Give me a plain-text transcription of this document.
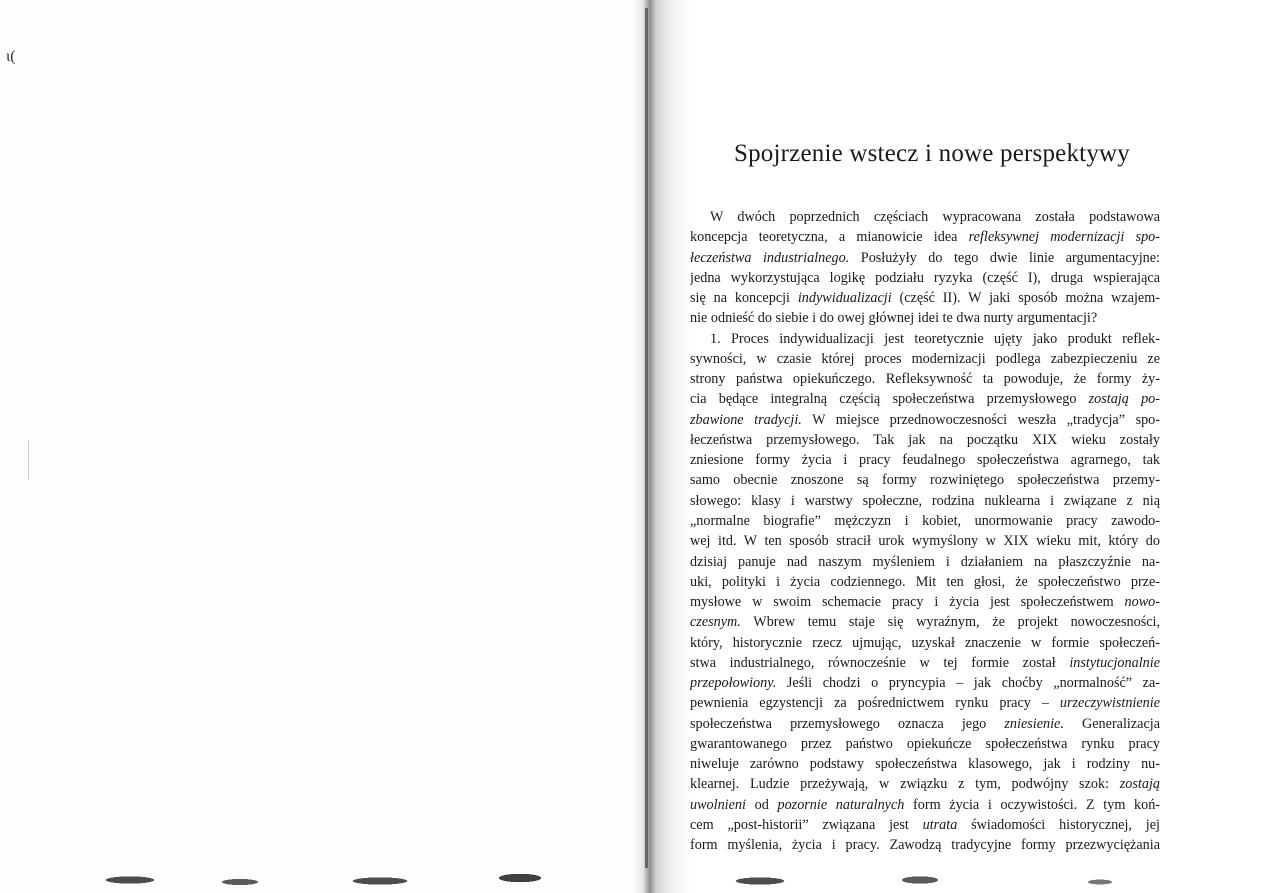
ι(
Spojrzenie wstecz i nowe perspektywy
W dwóch poprzednich częściach wypracowana została podstawowa
koncepcja teoretyczna, a mianowicie idea refleksywnej modernizacji spo-
łeczeństwa industrialnego. Posłużyły do tego dwie linie argumentacyjne:
jedna wykorzystująca logikę podziału ryzyka (część I), druga wspierająca
się na koncepcji indywidualizacji (część II). W jaki sposób można wzajem-
nie odnieść do siebie i do owej głównej idei te dwa nurty argumentacji?
1. Proces indywidualizacji jest teoretycznie ujęty jako produkt reflek-
sywności, w czasie której proces modernizacji podlega zabezpieczeniu ze
strony państwa opiekuńczego. Refleksywność ta powoduje, że formy ży-
cia będące integralną częścią społeczeństwa przemysłowego zostają po-
zbawione tradycji. W miejsce przednowoczesności weszła „tradycja” spo-
łeczeństwa przemysłowego. Tak jak na początku XIX wieku zostały
zniesione formy życia i pracy feudalnego społeczeństwa agrarnego, tak
samo obecnie znoszone są formy rozwiniętego społeczeństwa przemy-
słowego: klasy i warstwy społeczne, rodzina nuklearna i związane z nią
„normalne biografie” mężczyzn i kobiet, unormowanie pracy zawodo-
wej itd. W ten sposób stracił urok wymyślony w XIX wieku mit, który do
dzisiaj panuje nad naszym myśleniem i działaniem na płaszczyźnie na-
uki, polityki i życia codziennego. Mit ten głosi, że społeczeństwo prze-
mysłowe w swoim schemacie pracy i życia jest społeczeństwem nowo-
czesnym. Wbrew temu staje się wyraźnym, że projekt nowoczesności,
który, historycznie rzecz ujmując, uzyskał znaczenie w formie społeczeń-
stwa industrialnego, równocześnie w tej formie został instytucjonalnie
przepołowiony. Jeśli chodzi o pryncypia – jak choćby „normalność” za-
pewnienia egzystencji za pośrednictwem rynku pracy – urzeczywistnienie
społeczeństwa przemysłowego oznacza jego zniesienie. Generalizacja
gwarantowanego przez państwo opiekuńcze społeczeństwa rynku pracy
niweluje zarówno podstawy społeczeństwa klasowego, jak i rodziny nu-
klearnej. Ludzie przeżywają, w związku z tym, podwójny szok: zostają
uwolnieni od pozornie naturalnych form życia i oczywistości. Z tym koń-
cem „post-historii” związana jest utrata świadomości historycznej, jej
form myślenia, życia i pracy. Zawodzą tradycyjne formy przezwyciężania
